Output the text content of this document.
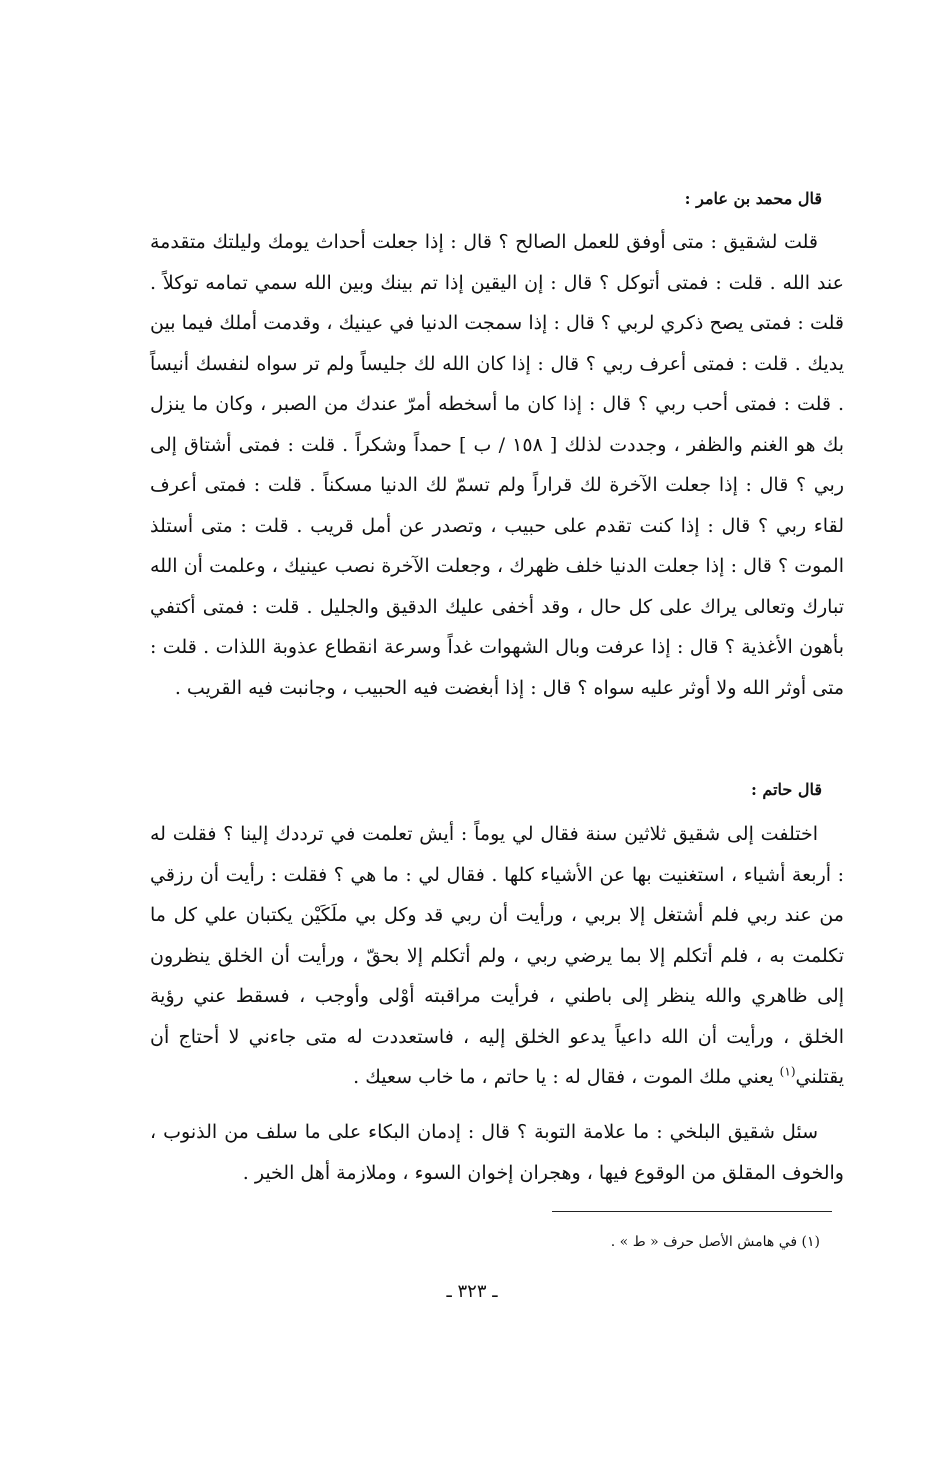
قال محمد بن عامر :
قلت لشقيق : متى أوفق للعمل الصالح ؟ قال : إذا جعلت أحداث يومك وليلتك متقدمة عند الله . قلت : فمتى أتوكل ؟ قال : إن اليقين إذا تم بينك وبين الله سمي تمامه توكلاً . قلت : فمتى يصح ذكري لربي ؟ قال : إذا سمجت الدنيا في عينيك ، وقدمت أملك فيما بين يديك . قلت : فمتى أعرف ربي ؟ قال : إذا كان الله لك جليساً ولم تر سواه لنفسك أنيساً . قلت : فمتى أحب ربي ؟ قال : إذا كان ما أسخطه أمرّ عندك من الصبر ، وكان ما ينزل بك هو الغنم والظفر ، وجددت لذلك [ ١٥٨ / ب ] حمداً وشكراً . قلت : فمتى أشتاق إلى ربي ؟ قال : إذا جعلت الآخرة لك قراراً ولم تسمّ لك الدنيا مسكناً . قلت : فمتى أعرف لقاء ربي ؟ قال : إذا كنت تقدم على حبيب ، وتصدر عن أمل قريب . قلت : متى أستلذ الموت ؟ قال : إذا جعلت الدنيا خلف ظهرك ، وجعلت الآخرة نصب عينيك ، وعلمت أن الله تبارك وتعالى يراك على كل حال ، وقد أخفى عليك الدقيق والجليل . قلت : فمتى أكتفي بأهون الأغذية ؟ قال : إذا عرفت وبال الشهوات غداً وسرعة انقطاع عذوبة اللذات . قلت : متى أوثر الله ولا أوثر عليه سواه ؟ قال : إذا أبغضت فيه الحبيب ، وجانبت فيه القريب .
قال حاتم :
اختلفت إلى شقيق ثلاثين سنة فقال لي يوماً : أيش تعلمت في ترددك إلينا ؟ فقلت له : أربعة أشياء ، استغنيت بها عن الأشياء كلها . فقال لي : ما هي ؟ فقلت : رأيت أن رزقي من عند ربي فلم أشتغل إلا بربي ، ورأيت أن ربي قد وكل بي ملَكَيْن يكتبان علي كل ما تكلمت به ، فلم أتكلم إلا بما يرضي ربي ، ولم أتكلم إلا بحقّ ، ورأيت أن الخلق ينظرون إلى ظاهري والله ينظر إلى باطني ، فرأيت مراقبته أوْلى وأوجب ، فسقط عني رؤية الخلق ، ورأيت أن الله داعياً يدعو الخلق إليه ، فاستعددت له متى جاءني لا أحتاج أن يقتلني$^{(١)}$ يعني ملك الموت ، فقال له : يا حاتم ، ما خاب سعيك .
سئل شقيق البلخي : ما علامة التوبة ؟ قال : إدمان البكاء على ما سلف من الذنوب ، والخوف المقلق من الوقوع فيها ، وهجران إخوان السوء ، وملازمة أهل الخير .
(١) في هامش الأصل حرف « ط » .
ـ ٣٢٣ ـ
